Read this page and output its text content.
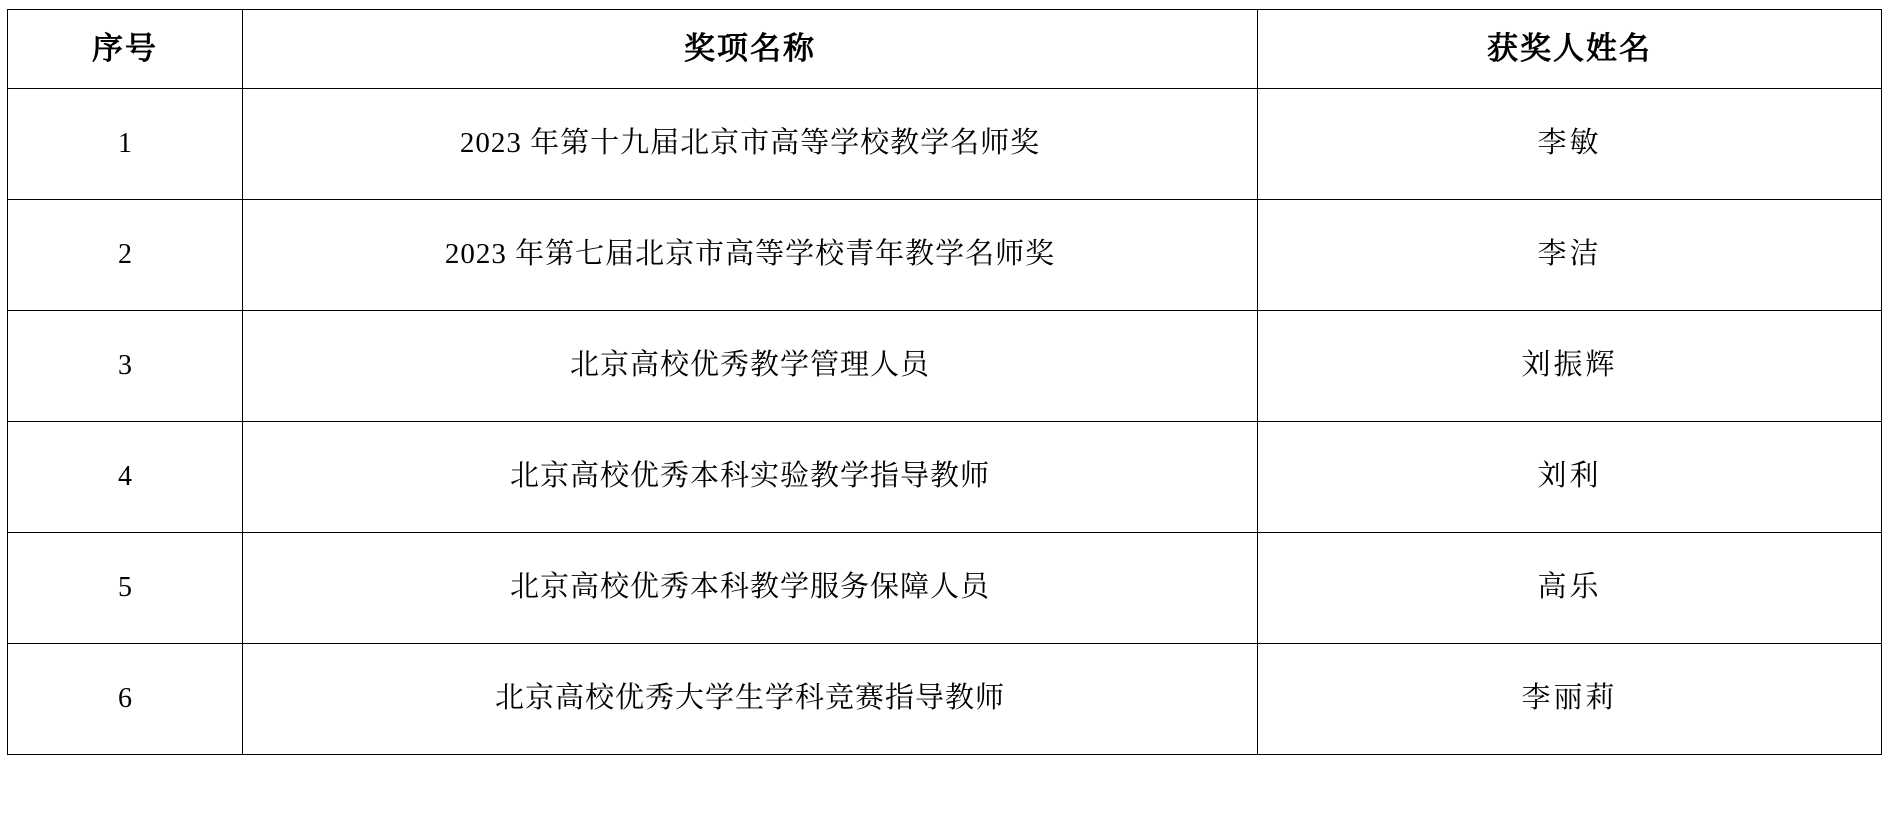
序号	奖项名称	获奖人姓名
1	2023 年第十九届北京市高等学校教学名师奖	李敏
2	2023 年第七届北京市高等学校青年教学名师奖	李洁
3	北京高校优秀教学管理人员	刘振辉
4	北京高校优秀本科实验教学指导教师	刘利
5	北京高校优秀本科教学服务保障人员	高乐
6	北京高校优秀大学生学科竞赛指导教师	李丽莉
